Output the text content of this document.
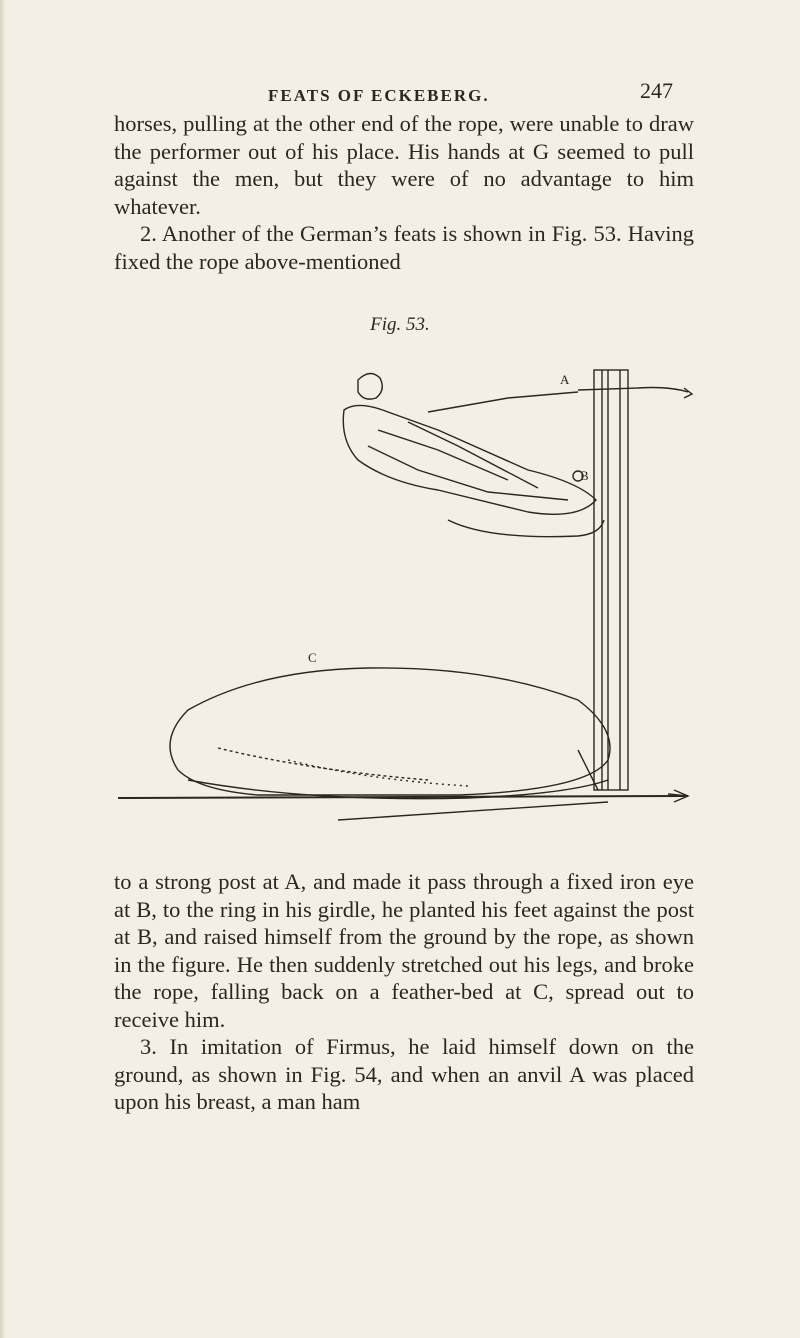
FEATS OF ECKEBERG.	247

horses, pulling at the other end of the rope, were unable to draw the performer out of his place. His hands at G seemed to pull against the men, but they were of no advantage to him whatever.

2. Another of the German’s feats is shown in Fig. 53. Having fixed the rope above-mentioned

Fig. 53.
A
B
C

to a strong post at A, and made it pass through a fixed iron eye at B, to the ring in his girdle, he planted his feet against the post at B, and raised himself from the ground by the rope, as shown in the figure. He then suddenly stretched out his legs, and broke the rope, falling back on a feather-bed at C, spread out to receive him.

3. In imitation of Firmus, he laid himself down on the ground, as shown in Fig. 54, and when an anvil A was placed upon his breast, a man ham
